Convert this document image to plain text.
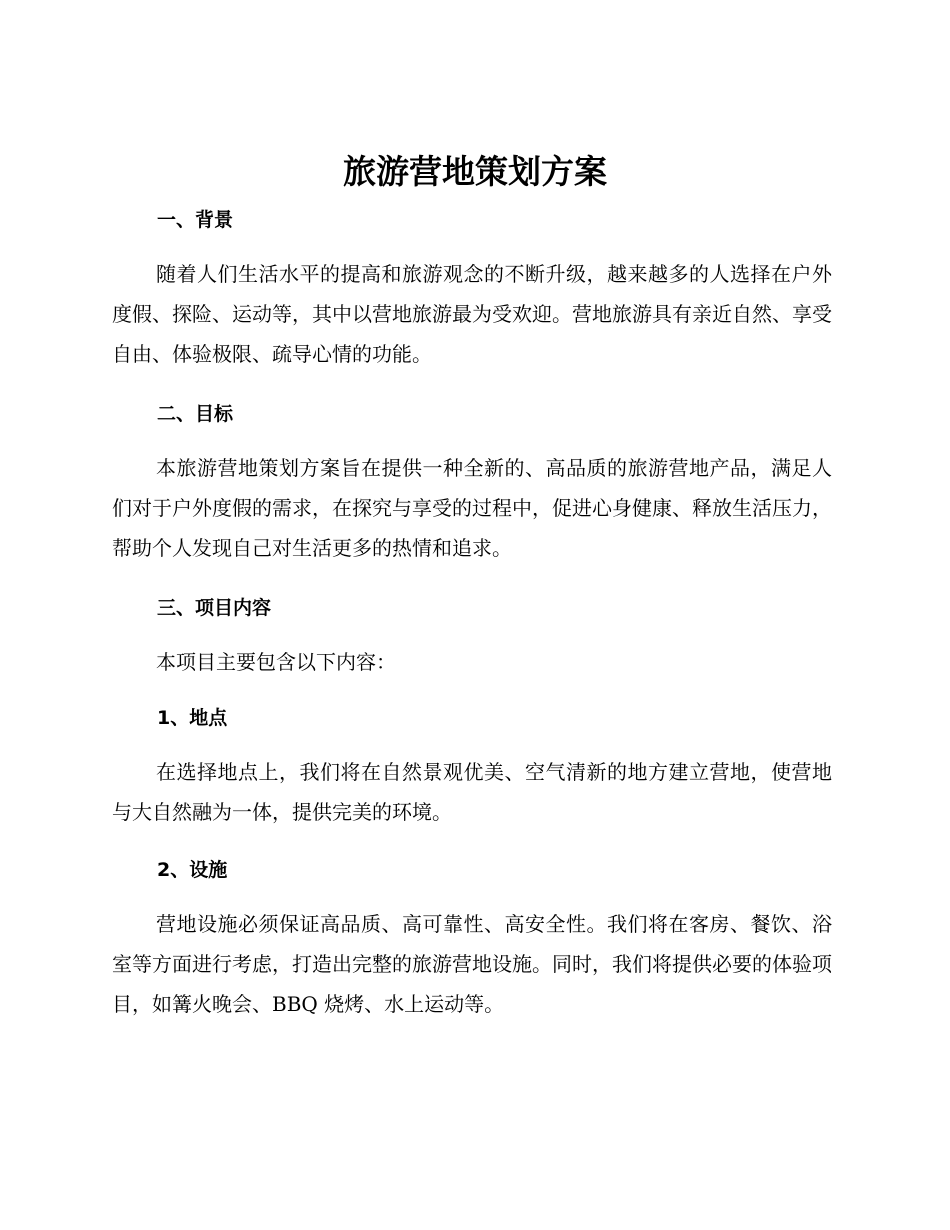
旅游营地策划方案
一、背景

随着人们生活水平的提高和旅游观念的不断升级，越来越多的人选择在户外度假、探险、运动等，其中以营地旅游最为受欢迎。营地旅游具有亲近自然、享受自由、体验极限、疏导心情的功能。

二、目标

本旅游营地策划方案旨在提供一种全新的、高品质的旅游营地产品，满足人们对于户外度假的需求，在探究与享受的过程中，促进心身健康、释放生活压力，帮助个人发现自己对生活更多的热情和追求。

三、项目内容

本项目主要包含以下内容：

1、地点

在选择地点上，我们将在自然景观优美、空气清新的地方建立营地，使营地与大自然融为一体，提供完美的环境。

2、设施

营地设施必须保证高品质、高可靠性、高安全性。我们将在客房、餐饮、浴室等方面进行考虑，打造出完整的旅游营地设施。同时，我们将提供必要的体验项目，如篝火晚会、BBQ 烧烤、水上运动等。
